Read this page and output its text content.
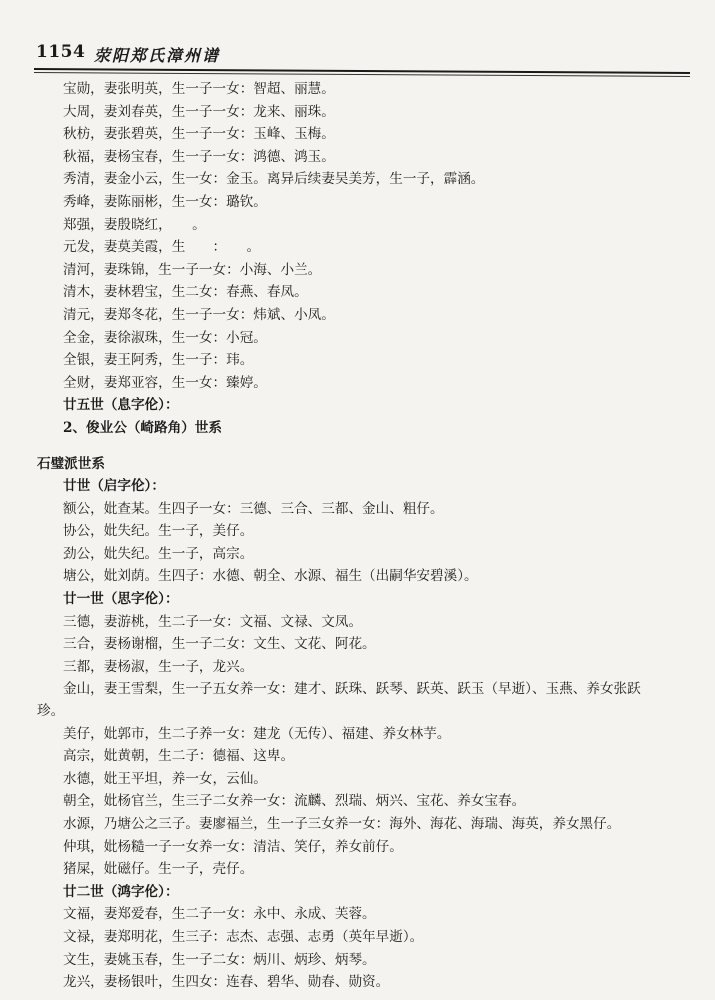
1154 荥阳郑氏漳州谱
宝勋，妻张明英，生一子一女：智超、丽慧。
大周，妻刘春英，生一子一女：龙来、丽珠。
秋枋，妻张碧英，生一子一女：玉峰、玉梅。
秋福，妻杨宝春，生一子一女：鸿德、鸿玉。
秀清，妻金小云，生一女：金玉。离异后续妻吴美芳，生一子，霹涵。
秀峰，妻陈丽彬，生一女：璐钦。
郑强，妻殷晓红，　　。
元发，妻莫美霞，生　　：　　。
清河，妻珠锦，生一子一女：小海、小兰。
清木，妻林碧宝，生二女：春燕、春凤。
清元，妻郑冬花，生一子一女：炜斌、小凤。
全金，妻徐淑珠，生一女：小冠。
全银，妻王阿秀，生一子：玮。
全财，妻郑亚容，生一女：臻婷。
廿五世（息字伦）：
2、俊业公（崎路角）世系
石璧派世系
廿世（启字伦）：
额公，妣查某。生四子一女：三德、三合、三都、金山、粗仔。
协公，妣失纪。生一子，美仔。
劲公，妣失纪。生一子，高宗。
塘公，妣刘荫。生四子：水德、朝全、水源、福生（出嗣华安碧溪）。
廿一世（思字伦）：
三德，妻游桃，生二子一女：文福、文禄、文凤。
三合，妻杨谢榴，生一子二女：文生、文花、阿花。
三都，妻杨淑，生一子，龙兴。
金山，妻王雪梨，生一子五女养一女：建才、跃珠、跃琴、跃英、跃玉（早逝）、玉燕、养女张跃
珍。
美仔，妣郭市，生二子养一女：建龙（无传）、福建、养女林芋。
高宗，妣黄朝，生二子：德福、这卑。
水德，妣王平坦，养一女，云仙。
朝全，妣杨官兰，生三子二女养一女：流麟、烈瑞、炳兴、宝花、养女宝春。
水源，乃塘公之三子。妻廖福兰，生一子三女养一女：海外、海花、海瑞、海英，养女黑仔。
仲琪，妣杨糙一子一女养一女：清洁、笑仔，养女前仔。
猪屎，妣磁仔。生一子，壳仔。
廿二世（鸿字伦）：
文福，妻郑爱春，生二子一女：永中、永成、芙蓉。
文禄，妻郑明花，生三子：志杰、志强、志勇（英年早逝）。
文生，妻姚玉春，生一子二女：炳川、炳珍、炳琴。
龙兴，妻杨银叶，生四女：连春、碧华、勋春、勋资。
